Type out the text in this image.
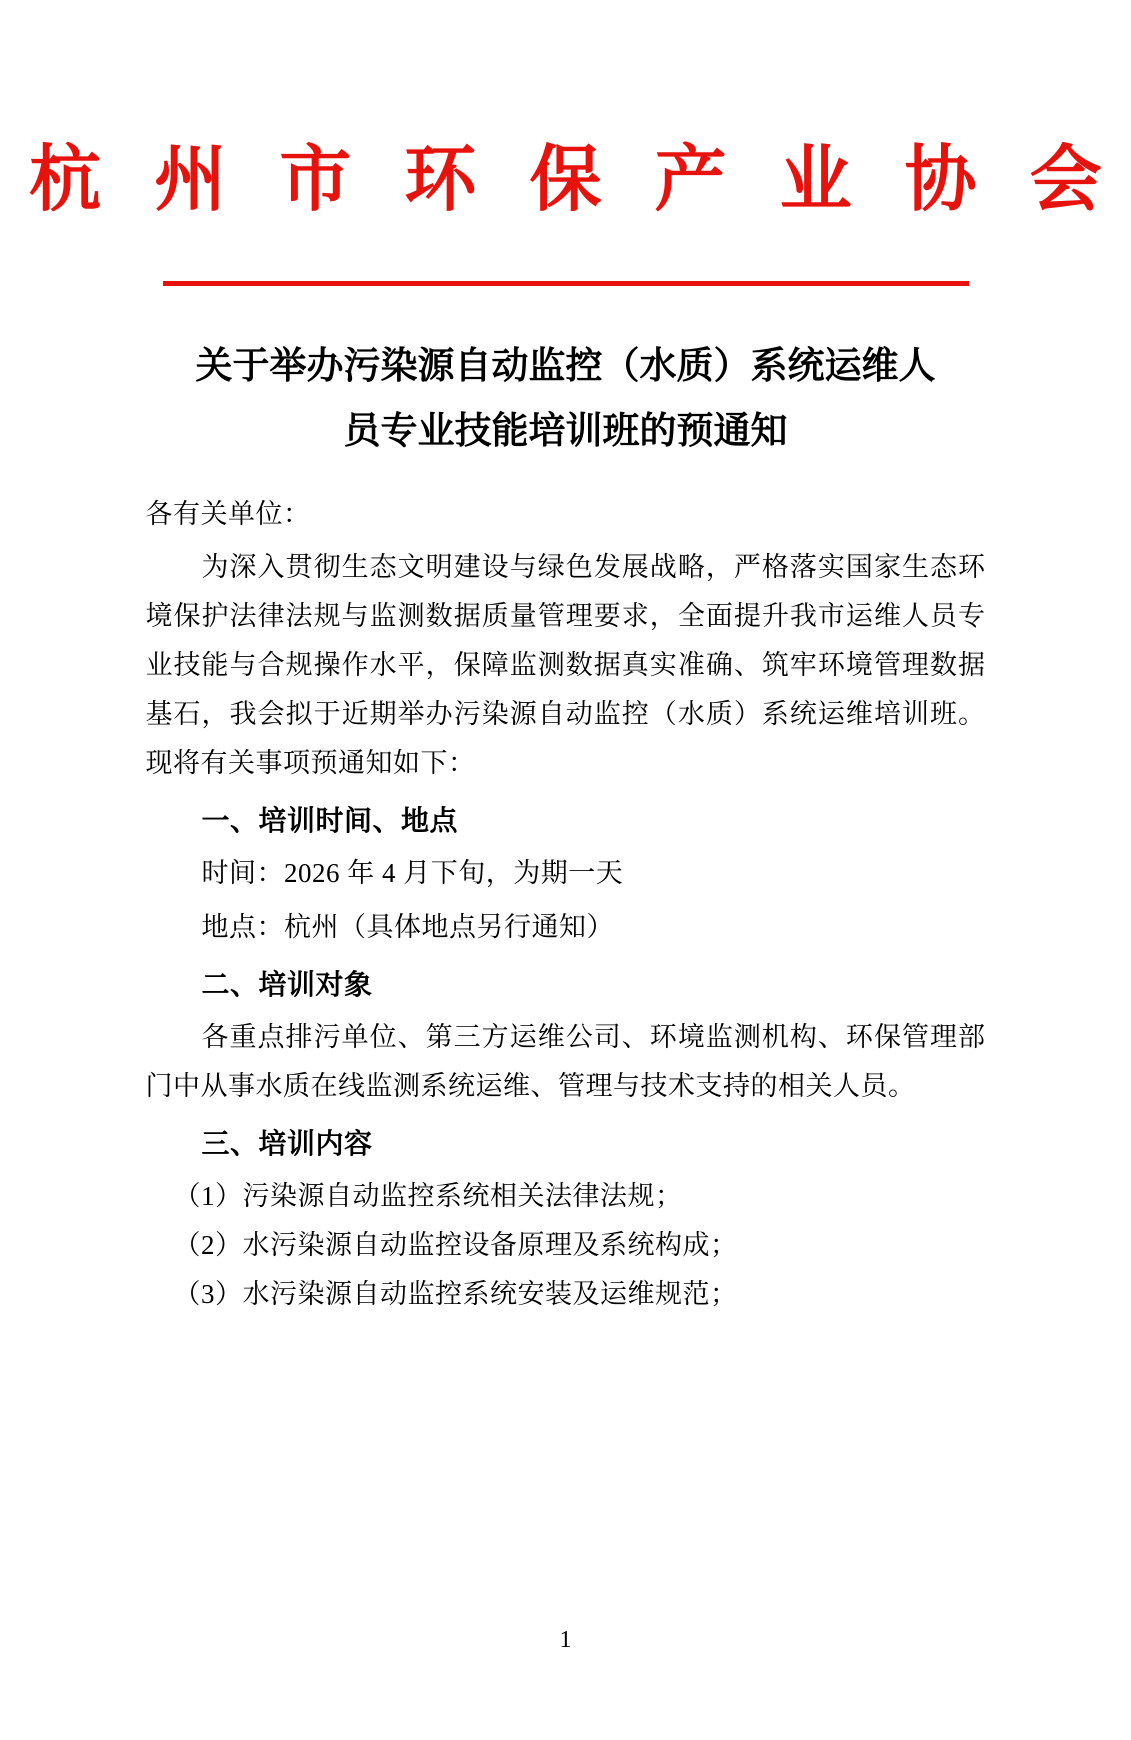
杭 州 市 环 保 产 业 协 会
关于举办污染源自动监控（水质）系统运维人
员专业技能培训班的预通知

各有关单位：

为深入贯彻生态文明建设与绿色发展战略，严格落实国家生态环境保护法律法规与监测数据质量管理要求，全面提升我市运维人员专业技能与合规操作水平，保障监测数据真实准确、筑牢环境管理数据基石，我会拟于近期举办污染源自动监控（水质）系统运维培训班。现将有关事项预通知如下：

一、培训时间、地点

时间：2026 年 4 月下旬，为期一天

地点：杭州（具体地点另行通知）

二、培训对象

各重点排污单位、第三方运维公司、环境监测机构、环保管理部门中从事水质在线监测系统运维、管理与技术支持的相关人员。

三、培训内容

（1）污染源自动监控系统相关法律法规；

（2）水污染源自动监控设备原理及系统构成；

（3）水污染源自动监控系统安装及运维规范；

1
